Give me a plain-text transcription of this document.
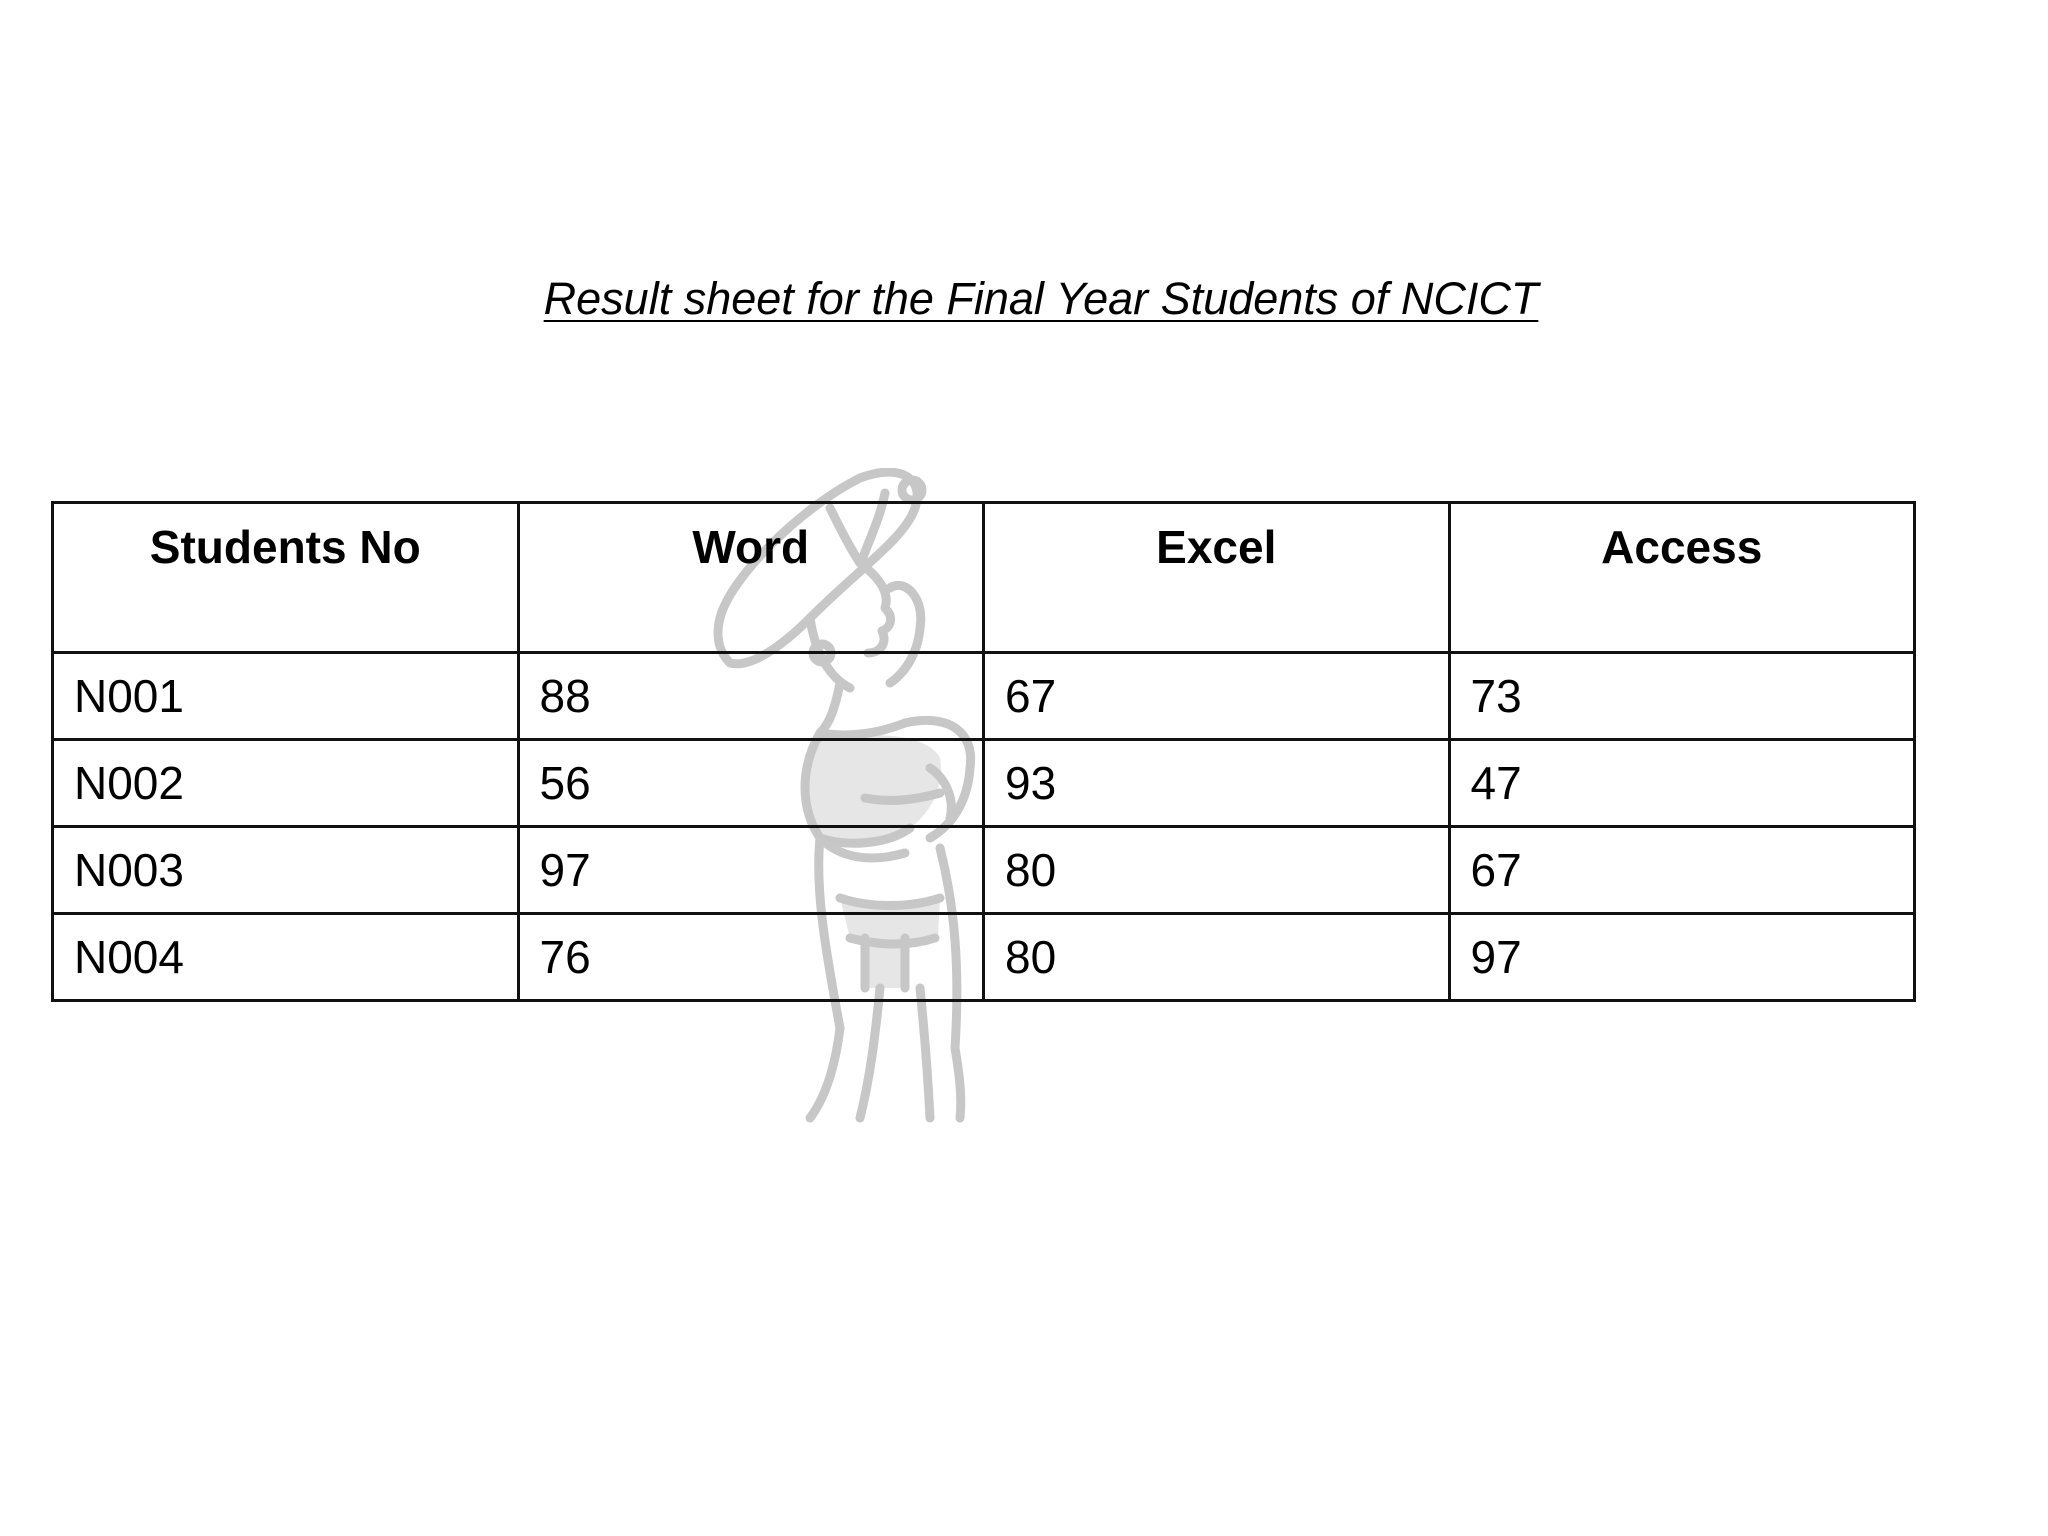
Result sheet for the Final Year Students of NCICT
Students No	Word	Excel	Access
N001	88	67	73
N002	56	93	47
N003	97	80	67
N004	76	80	97
